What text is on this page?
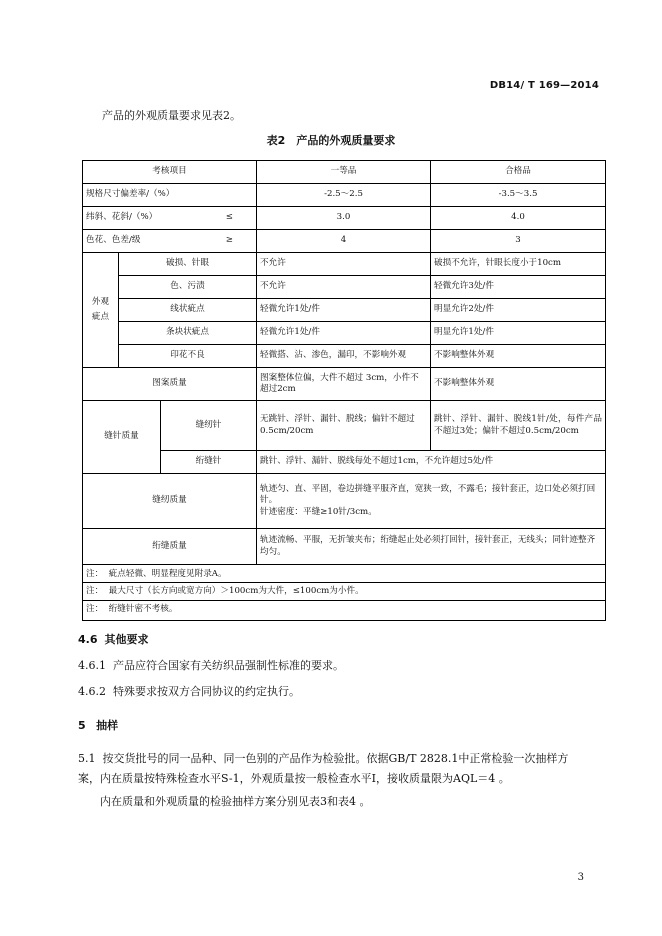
DB14/ T 169—2014
产品的外观质量要求见表2。
表2　产品的外观质量要求
考核项目			一等品	合格品
规格尺寸偏差率/（%）			-2.5～2.5	-3.5～3.5

纬斜、花斜/（%） ≤			3.0	4.0

色花、色差/级 ≥			4	3
外观
疵点	破损、针眼		不允许	破损不允许，针眼长度小于10cm
	色、污渍		不允许	轻微允许3处/件
	线状疵点		轻微允许1处/件	明显允许2处/件
	条块状疵点		轻微允许1处/件	明显允许1处/件
	印花不良		轻微搭、沾、渗色，漏印，不影响外观	不影响整体外观
图案质量			图案整体位偏，大件不超过 3cm，小件不超过2cm	不影响整体外观
缝针质量		缝纫针	无跳针、浮针、漏针、脱线；偏针不超过0.5cm/20cm	跳针、浮针、漏针、脱线1针/处，每件产品不超过3处；偏针不超过0.5cm/20cm
		绗缝针	跳针、浮针、漏针、脱线每处不超过1cm，不允许超过5处/件	
缝纫质量			轨迹匀、直、平固，卷边拼缝平服齐直，宽狭一致，不露毛；接针套正，边口处必须打回针。
针迹密度：平缝≥10针/3cm。	

绗缝质量			轨迹流畅、平服，无折皱夹布；绗缝起止处必须打回针，接针套正，无线头；同针迹整齐均匀。	
注： 疵点轻微、明显程度见附录A。				
注： 最大尺寸（长方向或宽方向）＞100cm为大件，≤100cm为小件。				
注： 绗缝针密不考核。				
4.6 其他要求
4.6.1 产品应符合国家有关纺织品强制性标准的要求。
4.6.2 特殊要求按双方合同协议的约定执行。
5 抽样
5.1 按交货批号的同一品种、同一色别的产品作为检验批。依据GB/T 2828.1中正常检验一次抽样方案，内在质量按特殊检查水平S-1，外观质量按一般检查水平I，接收质量限为AQL＝4 。
内在质量和外观质量的检验抽样方案分别见表3和表4 。
3
